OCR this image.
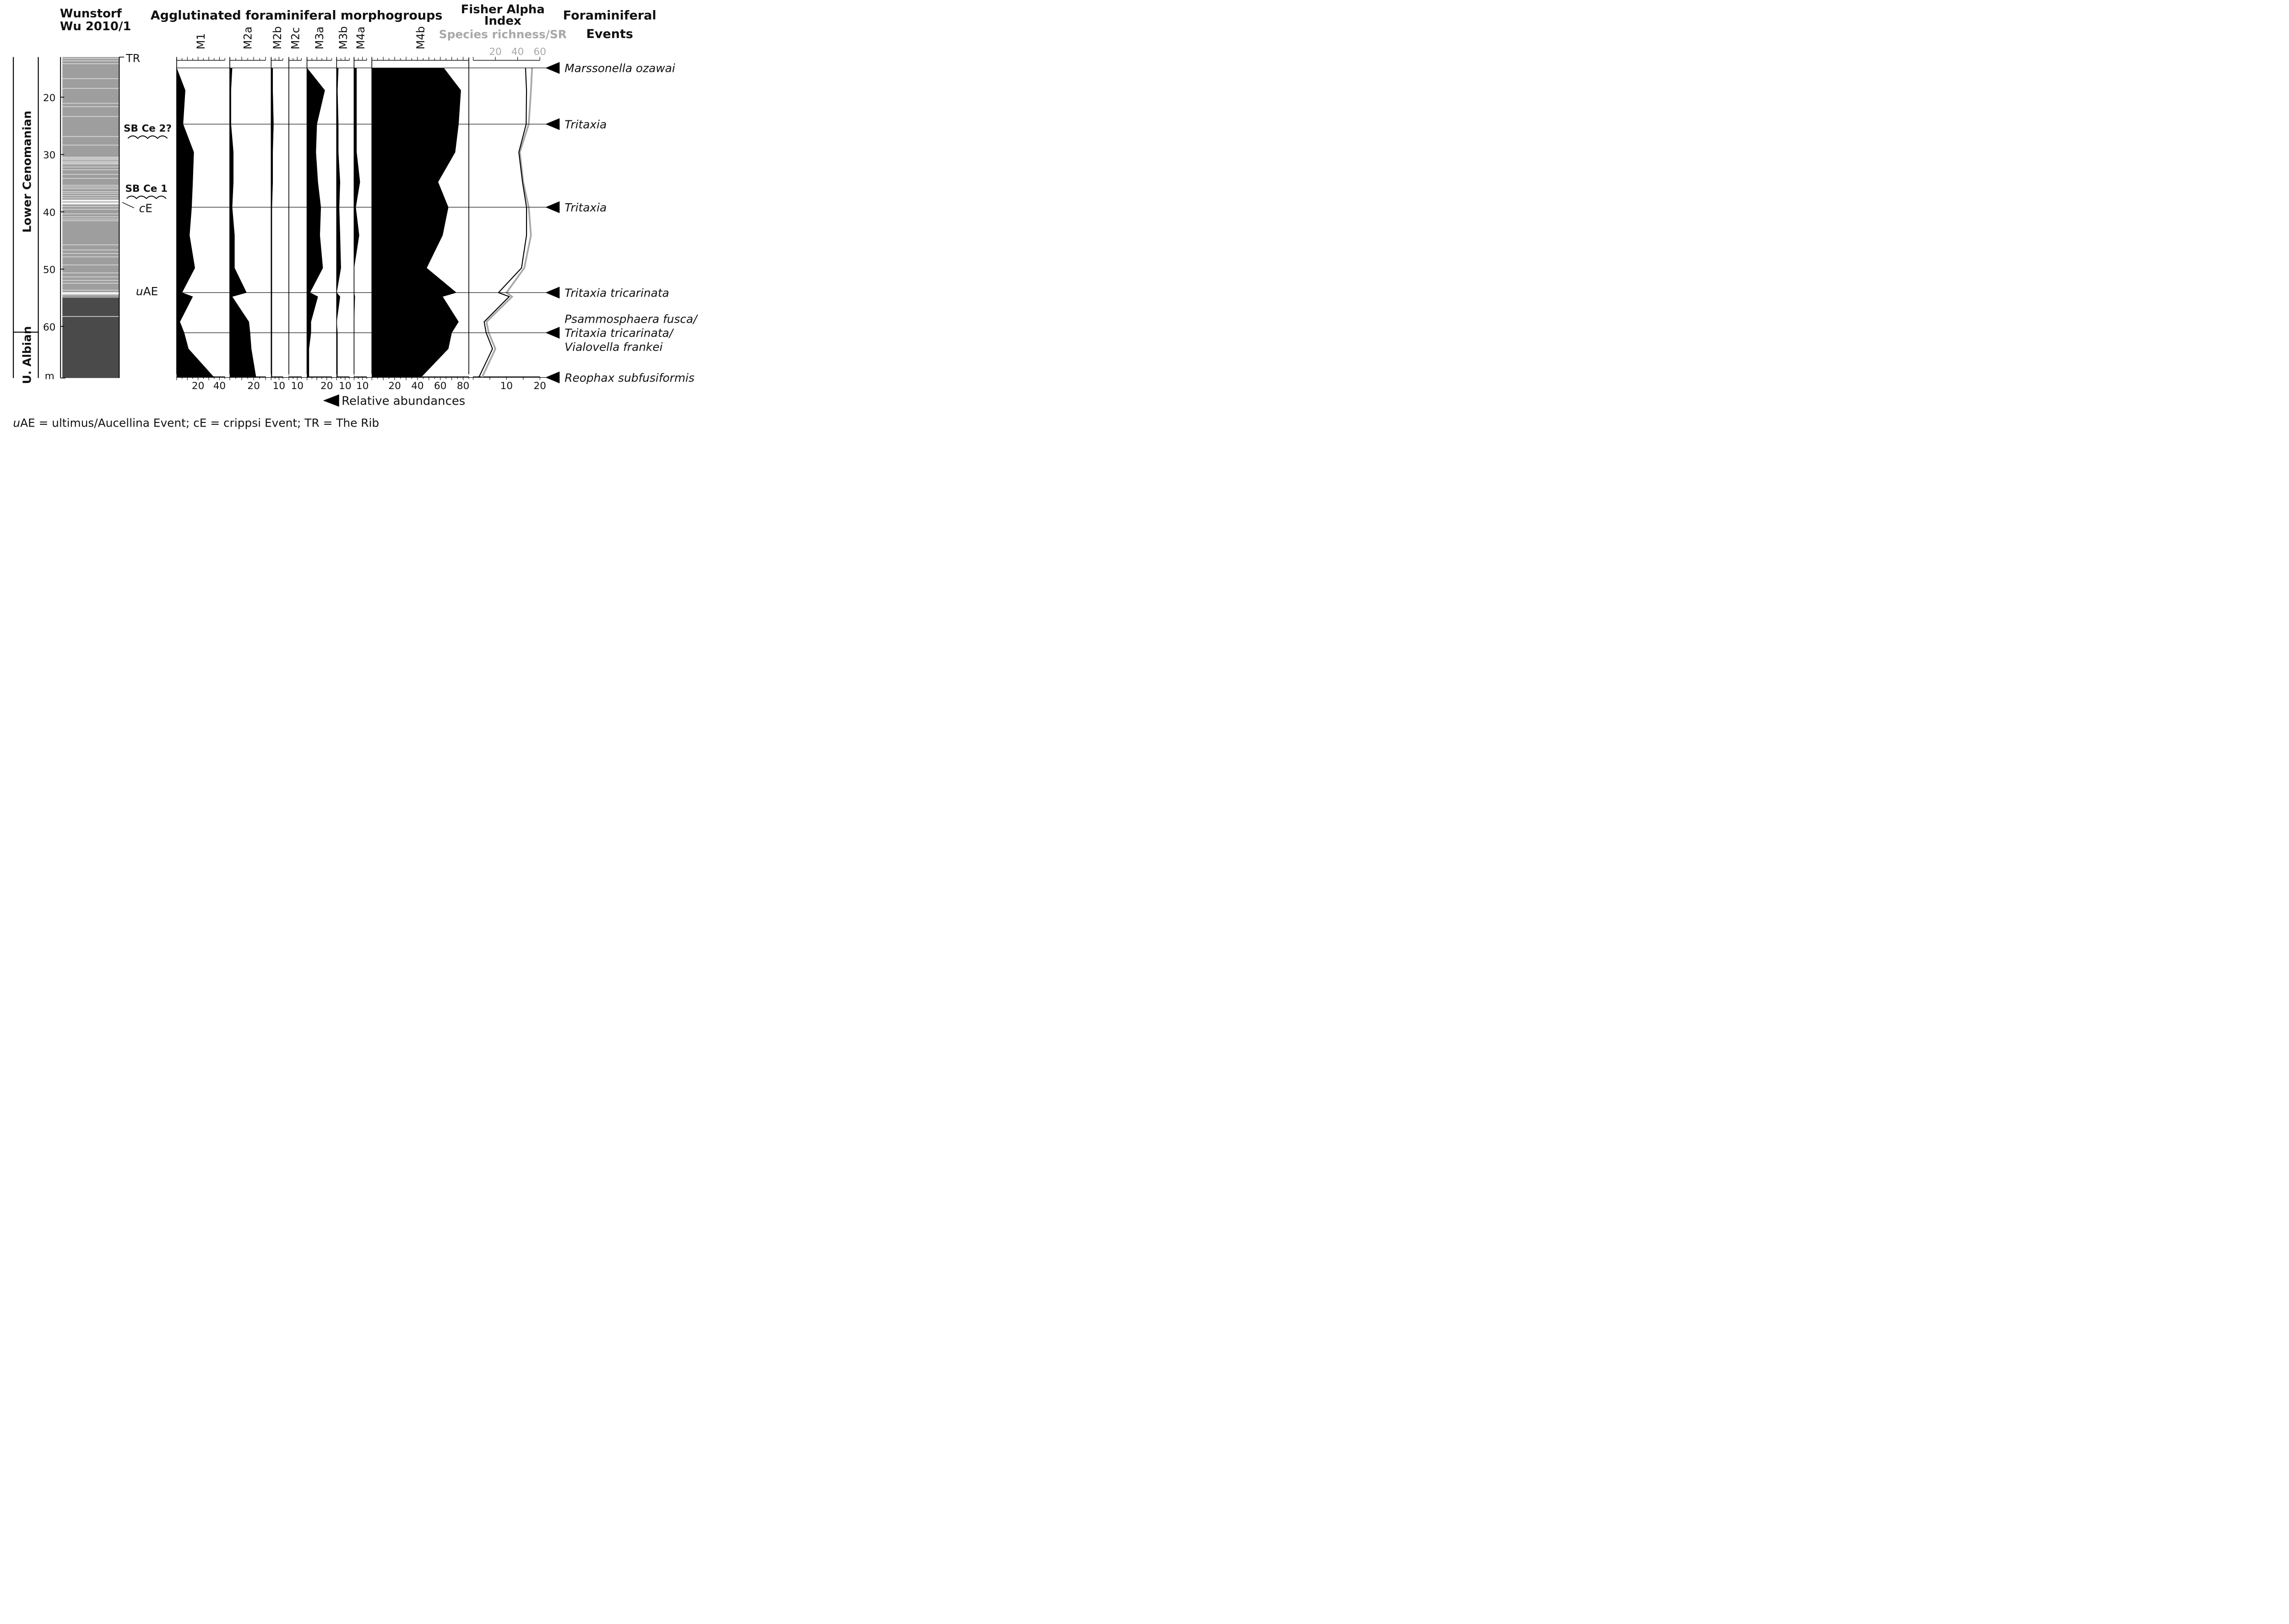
Wunstorf
Wu 2010/1
Agglutinated foraminiferal morphogroups Fisher Alpha
Index
Species richness/SR
Foraminiferal
Events
20
30
40
50
60
m
Lower Cenomanian
U. Albian
TR
SB Ce 2?
SB Ce 1
cE
uAE
20 40
M1
20
M2a
10
M2b
10
M2c
20
M3a
10
M3b
10
M4a
20 40 60 80
M4b
20 40 60
10 20
Marssonella ozawai
Tritaxia
Tritaxia
Tritaxia tricarinata
Psammosphaera fusca/
Tritaxia tricarinata/
Vialovella frankei
Reophax subfusiformis
Relative abundances
uAE = ultimus/Aucellina Event; cE = crippsi Event; TR = The Rib
